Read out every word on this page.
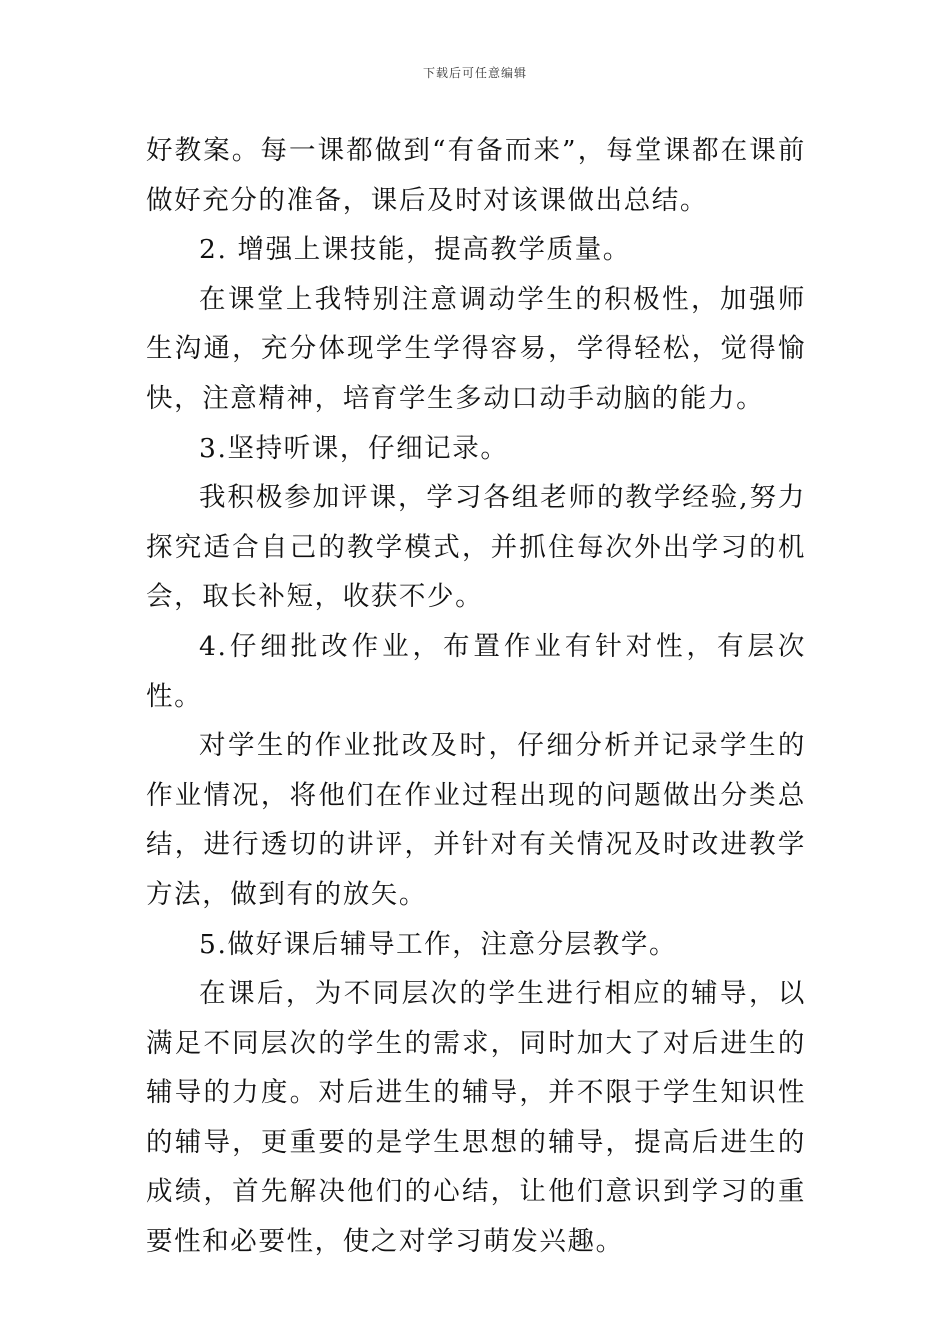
下载后可任意编辑

好教案。每一课都做到“有备而来”，每堂课都在课前做好充分的准备，课后及时对该课做出总结。

2. 增强上课技能，提高教学质量。

在课堂上我特别注意调动学生的积极性，加强师生沟通，充分体现学生学得容易，学得轻松，觉得愉快，注意精神，培育学生多动口动手动脑的能力。

3.坚持听课，仔细记录。

我积极参加评课，学习各组老师的教学经验,努力探究适合自己的教学模式，并抓住每次外出学习的机会，取长补短，收获不少。

4.仔细批改作业，布置作业有针对性，有层次性。

对学生的作业批改及时，仔细分析并记录学生的作业情况，将他们在作业过程出现的问题做出分类总结，进行透切的讲评，并针对有关情况及时改进教学方法，做到有的放矢。

5.做好课后辅导工作，注意分层教学。

在课后，为不同层次的学生进行相应的辅导，以满足不同层次的学生的需求，同时加大了对后进生的辅导的力度。对后进生的辅导，并不限于学生知识性的辅导，更重要的是学生思想的辅导，提高后进生的成绩，首先解决他们的心结，让他们意识到学习的重要性和必要性，使之对学习萌发兴趣。
